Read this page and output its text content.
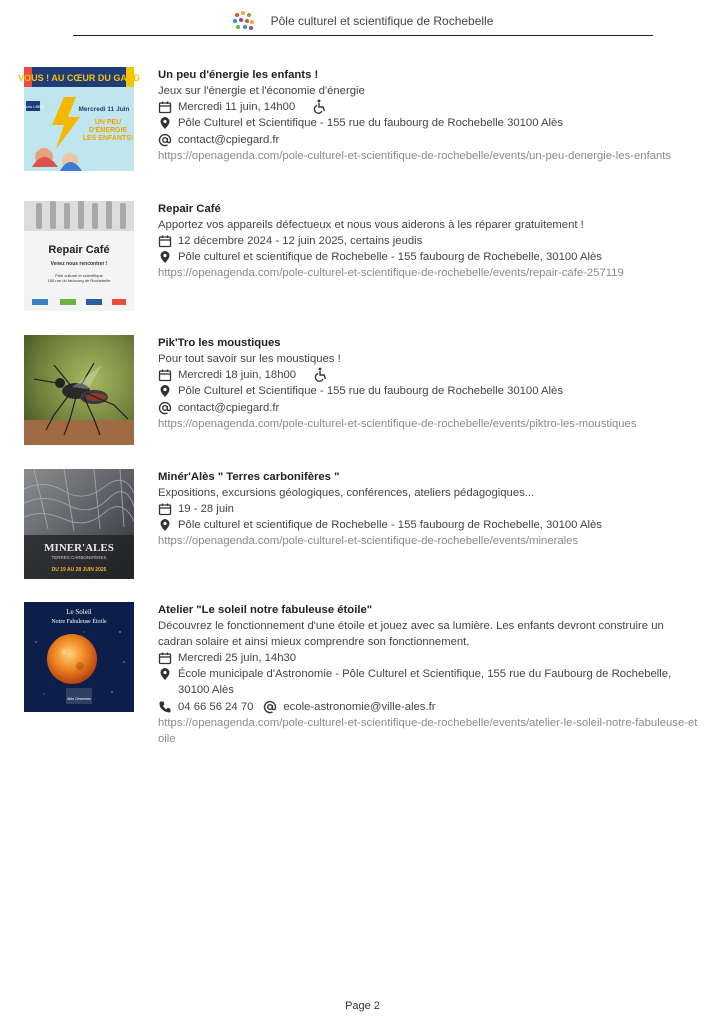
Pôle culturel et scientifique de Rochebelle
VOUS ! AU CŒUR DU GARD
Accès LIBRE	Mercredi 11 Juin
UN PEU D'ÉNERGIE LES ENFANTS!
Un peu d'énergie les enfants !
Jeux sur l'énergie et l'économie d'énergie
Mercredi 11 juin, 14h00
Pôle Culturel et Scientifique - 155 rue du faubourg de Rochebelle 30100 Alès
contact@cpiegard.fr
https://openagenda.com/pole-culturel-et-scientifique-de-rochebelle/events/un-peu-denergie-les-enfants
Repair Café
Venez nous rencontrer !
Pôle culturel et scientifique
155 rue du faubourg de Rochebelle
Repair Café
Apportez vos appareils défectueux et nous vous aiderons à les réparer gratuitement !
12 décembre 2024 - 12 juin 2025, certains jeudis
Pôle culturel et scientifique de Rochebelle - 155 faubourg de Rochebelle, 30100 Alès
https://openagenda.com/pole-culturel-et-scientifique-de-rochebelle/events/repair-cafe-257119
Pik'Tro les moustiques
Pour tout savoir sur les moustiques !
Mercredi 18 juin, 18h00
Pôle Culturel et Scientifique - 155 rue du faubourg de Rochebelle 30100 Alès
contact@cpiegard.fr
https://openagenda.com/pole-culturel-et-scientifique-de-rochebelle/events/piktro-les-moustiques
MINER'ALES
TERRES CARBONIFÈRES
DU 19 AU 28 JUIN 2025
Minér'Alès " Terres carbonifères "
Expositions, excursions géologiques, conférences, ateliers pédagogiques...
19 - 28 juin
Pôle culturel et scientifique de Rochebelle - 155 faubourg de Rochebelle, 30100 Alès
https://openagenda.com/pole-culturel-et-scientifique-de-rochebelle/events/minerales
Le Soleil
Notre Fabuleuse Étoile
Alès Cévennes
Atelier "Le soleil notre fabuleuse étoile"
Découvrez le fonctionnement d'une étoile et jouez avec sa lumière. Les enfants devront construire un cadran solaire et ainsi mieux comprendre son fonctionnement.
Mercredi 25 juin, 14h30
École municipale d'Astronomie - Pôle Culturel et Scientifique, 155 rue du Faubourg de Rochebelle, 30100 Alès
04 66 56 24 70	ecole-astronomie@ville-ales.fr
https://openagenda.com/pole-culturel-et-scientifique-de-rochebelle/events/atelier-le-soleil-notre-fabuleuse-etoile
Page 2
